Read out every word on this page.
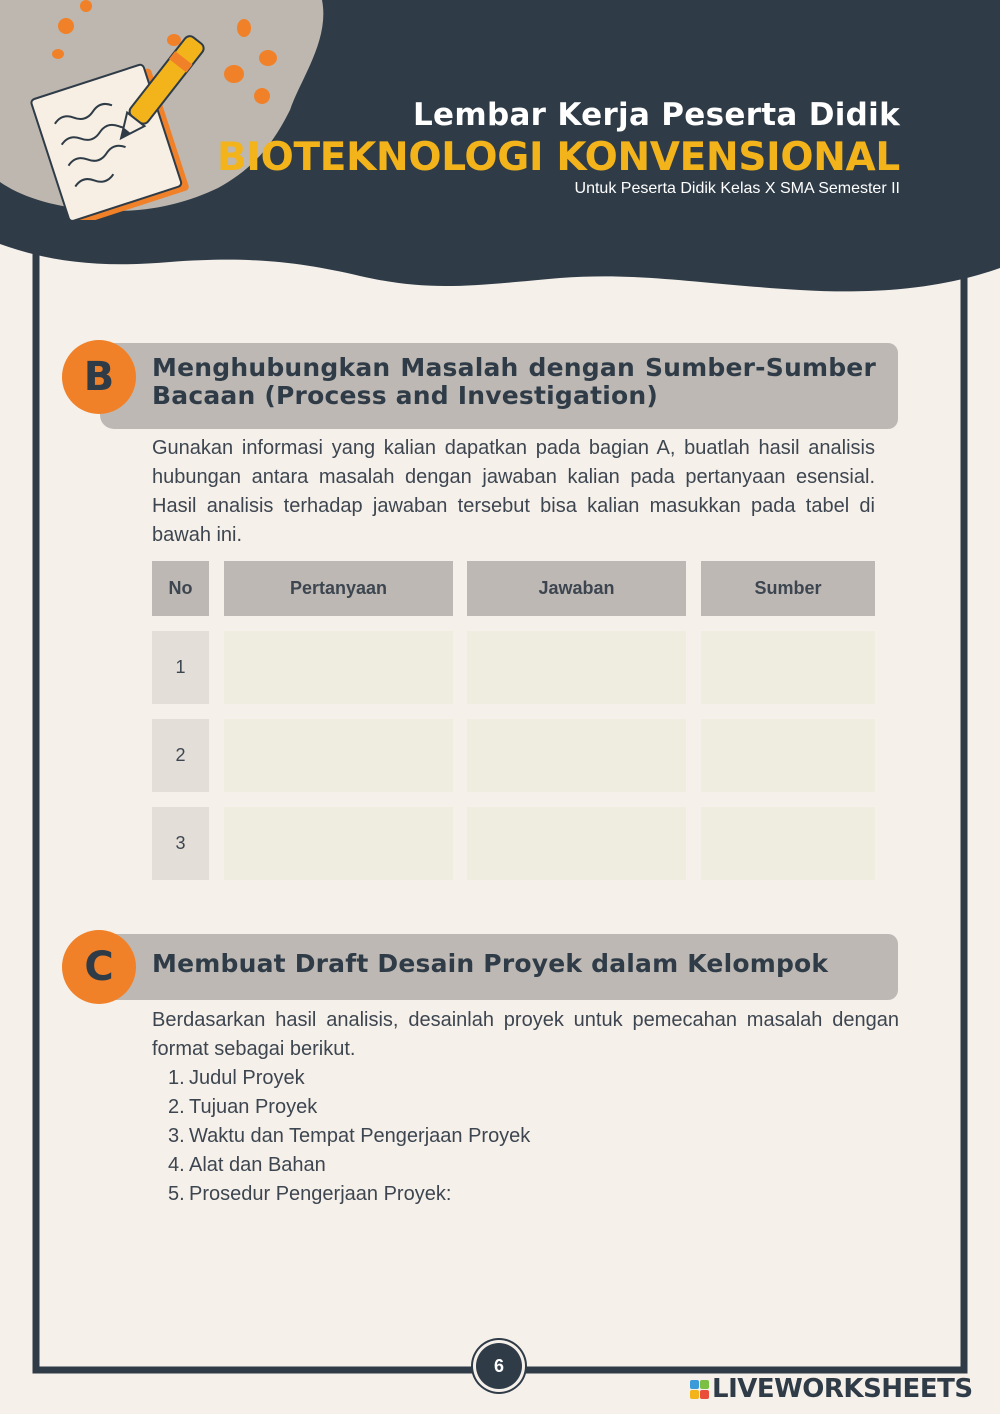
Lembar Kerja Peserta Didik
BIOTEKNOLOGI KONVENSIONAL
Untuk Peserta Didik Kelas X SMA Semester II
B	Menghubungkan Masalah dengan Sumber-Sumber
Bacaan (Process and Investigation)
Gunakan informasi yang kalian dapatkan pada bagian A, buatlah hasil analisis hubungan antara masalah dengan jawaban kalian pada pertanyaan esensial. Hasil analisis terhadap jawaban tersebut bisa kalian masukkan pada tabel di bawah ini.
No	Pertanyaan	Jawaban	Sumber
1
2
3
C	Membuat Draft Desain Proyek dalam Kelompok
Berdasarkan hasil analisis, desainlah proyek untuk pemecahan masalah dengan format sebagai berikut.
1. Judul Proyek
2. Tujuan Proyek
3. Waktu dan Tempat Pengerjaan Proyek
4. Alat dan Bahan
5. Prosedur Pengerjaan Proyek:
6
LIVEWORKSHEETS
